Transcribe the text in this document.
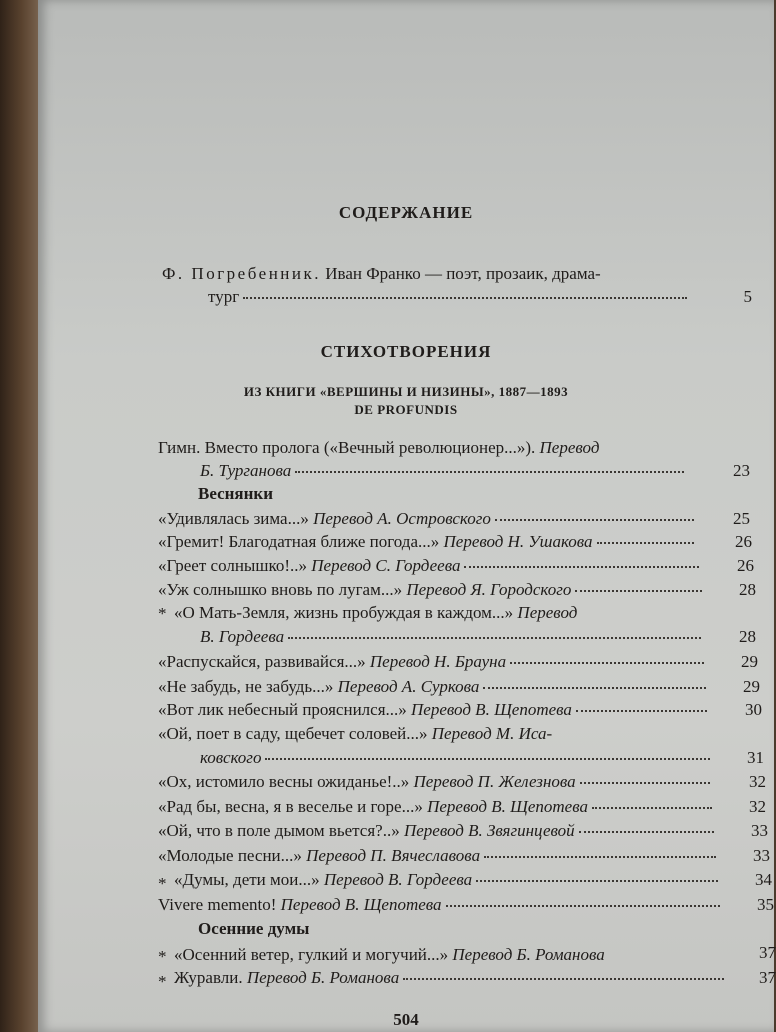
СОДЕРЖАНИЕ
Ф. Погребенник. Иван Франко — поэт, прозаик, драма-
тург	5
СТИХОТВОРЕНИЯ
ИЗ КНИГИ «ВЕРШИНЫ И НИЗИНЫ», 1887—1893
DE PROFUNDIS
Гимн. Вместо пролога («Вечный революционер...»). Перевод
Б. Турганова	23
Веснянки
«Удивлялась зима...» Перевод А. Островского	25
«Гремит! Благодатная ближе погода...» Перевод Н. Ушакова	26
«Греет солнышко!..» Перевод С. Гордеева	26
«Уж солнышко вновь по лугам...» Перевод Я. Городского	28
* «О Мать-Земля, жизнь пробуждая в каждом...» Перевод
В. Гордеева	28
«Распускайся, развивайся...» Перевод Н. Брауна	29
«Не забудь, не забудь...» Перевод А. Суркова	29
«Вот лик небесный прояснился...» Перевод В. Щепотева	30
«Ой, поет в саду, щебечет соловей...» Перевод М. Иса-
ковского	31
«Ох, истомило весны ожиданье!..» Перевод П. Железнова	32
«Рад бы, весна, я в веселье и горе...» Перевод В. Щепотева	32
«Ой, что в поле дымом вьется?..» Перевод В. Звягинцевой	33
«Молодые песни...» Перевод П. Вячеславова	33
* «Думы, дети мои...» Перевод В. Гордеева	34
Vivere memento! Перевод В. Щепотева	35
Осенние думы
* «Осенний ветер, гулкий и могучий...» Перевод Б. Романова	37
* Журавли. Перевод Б. Романова	37
504
